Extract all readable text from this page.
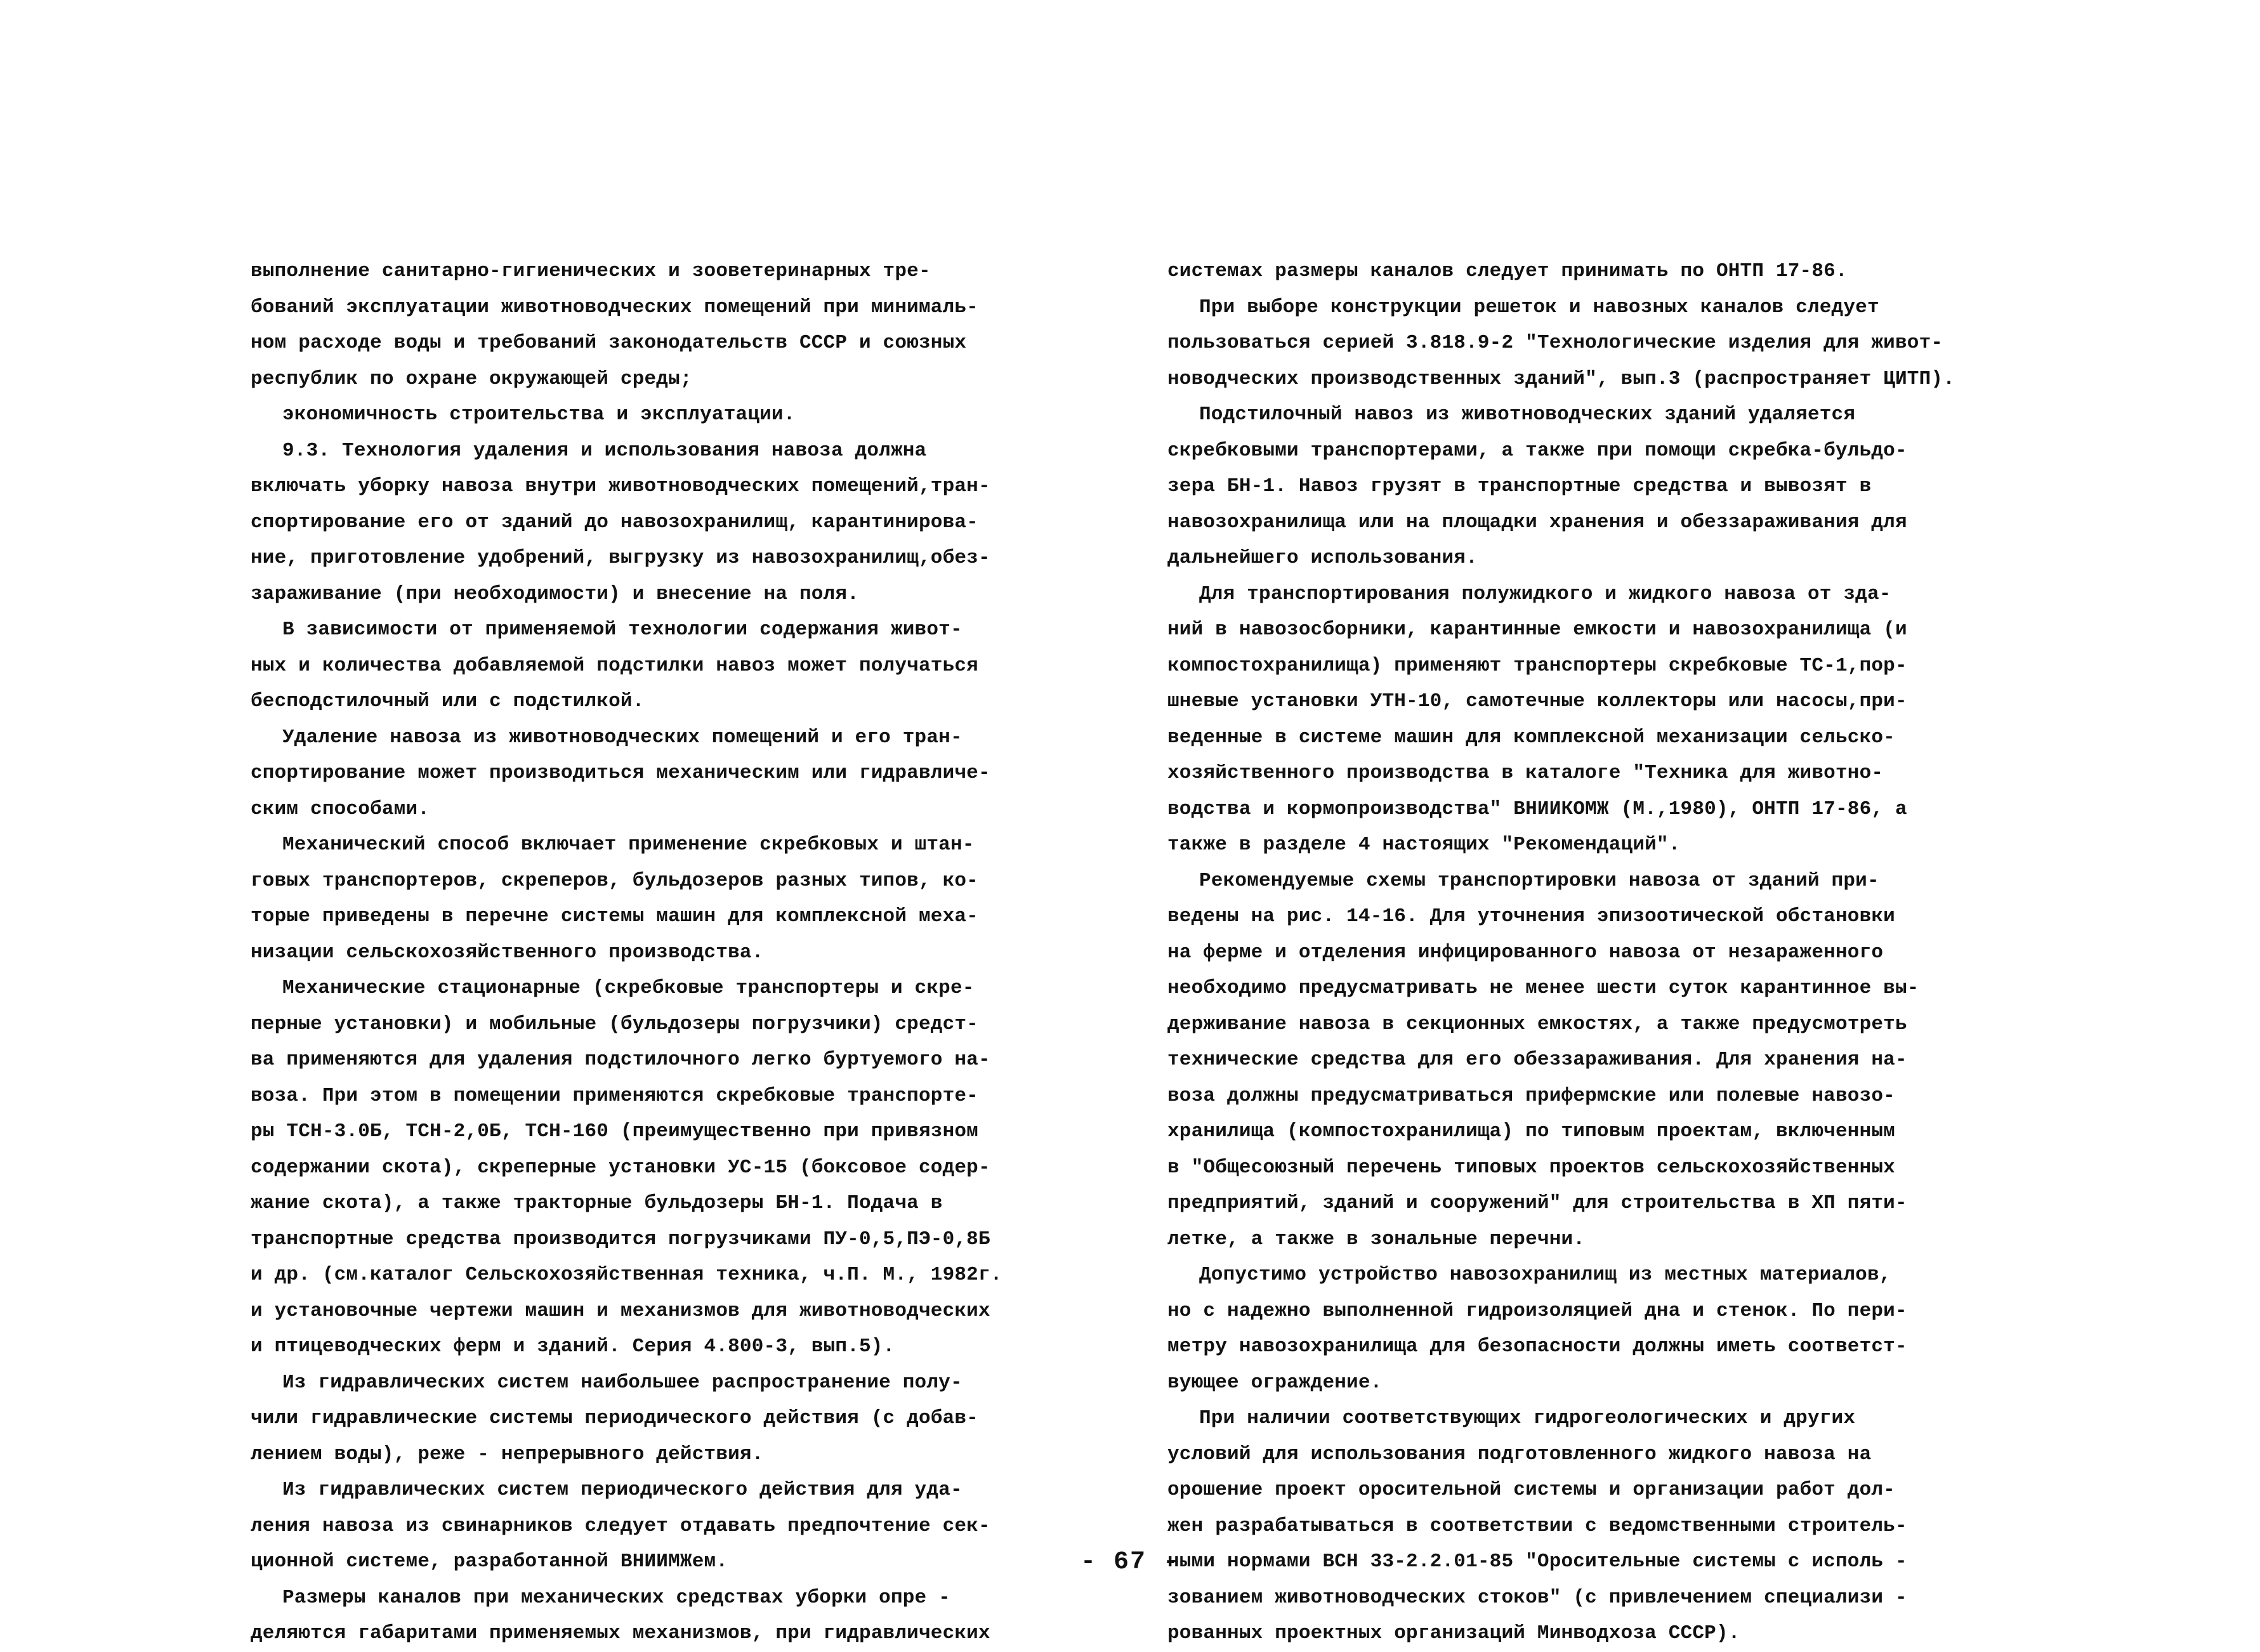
выполнение санитарно-гигиенических и зооветеринарных тре-
бований эксплуатации животноводческих помещений при минималь-
ном расходе воды и требований законодательств СССР и союзных
республик по охране окружающей среды;
экономичность строительства и эксплуатации.
9.3. Технология удаления и использования навоза должна
включать уборку навоза внутри животноводческих помещений,тран-
спортирование его от зданий до навозохранилищ, карантинирова-
ние, приготовление удобрений, выгрузку из навозохранилищ,обез-
зараживание (при необходимости) и внесение на поля.
В зависимости от применяемой технологии содержания живот-
ных и количества добавляемой подстилки навоз может получаться
бесподстилочный или с подстилкой.
Удаление навоза из животноводческих помещений и его тран-
спортирование может производиться механическим или гидравличе-
ским способами.
Механический способ включает применение скребковых и штан-
говых транспортеров, скреперов, бульдозеров разных типов, ко-
торые приведены в перечне системы машин для комплексной меха-
низации сельскохозяйственного производства.
Механические стационарные (скребковые транспортеры и скре-
перные установки) и мобильные (бульдозеры погрузчики) средст-
ва применяются для удаления подстилочного легко буртуемого на-
воза. При этом в помещении применяются скребковые транспорте-
ры ТСН-3.0Б, ТСН-2,0Б, ТСН-160 (преимущественно при привязном
содержании скота), скреперные установки УС-15 (боксовое содер-
жание скота), а также тракторные бульдозеры БН-1. Подача в
транспортные средства производится погрузчиками ПУ-0,5,ПЭ-0,8Б
и др. (см.каталог Сельскохозяйственная техника, ч.П. М., 1982г.
и установочные чертежи машин и механизмов для животноводческих
и птицеводческих ферм и зданий. Серия 4.800-3, вып.5).
Из гидравлических систем наибольшее распространение полу-
чили гидравлические системы периодического действия (с добав-
лением воды), реже - непрерывного действия.
Из гидравлических систем периодического действия для уда-
ления навоза из свинарников следует отдавать предпочтение сек-
ционной системе, разработанной ВНИИМЖем.
Размеры каналов при механических средствах уборки опре -
деляются габаритами применяемых механизмов, при гидравлических
системах размеры каналов следует принимать по ОНТП 17-86.
При выборе конструкции решеток и навозных каналов следует
пользоваться серией 3.818.9-2 "Технологические изделия для живот-
новодческих производственных зданий", вып.3 (распространяет ЦИТП).
Подстилочный навоз из животноводческих зданий удаляется
скребковыми транспортерами, а также при помощи скребка-бульдо-
зера БН-1. Навоз грузят в транспортные средства и вывозят в
навозохранилища или на площадки хранения и обеззараживания для
дальнейшего использования.
Для транспортирования полужидкого и жидкого навоза от зда-
ний в навозосборники, карантинные емкости и навозохранилища (и
компостохранилища) применяют транспортеры скребковые ТС-1,пор-
шневые установки УТН-10, самотечные коллекторы или насосы,при-
веденные в системе машин для комплексной механизации сельско-
хозяйственного производства в каталоге "Техника для животно-
водства и кормопроизводства" ВНИИКОМЖ (М.,1980), ОНТП 17-86, а
также в разделе 4 настоящих "Рекомендаций".
Рекомендуемые схемы транспортировки навоза от зданий при-
ведены на рис. 14-16. Для уточнения эпизоотической обстановки
на ферме и отделения инфицированного навоза от незараженного
необходимо предусматривать не менее шести суток карантинное вы-
держивание навоза в секционных емкостях, а также предусмотреть
технические средства для его обеззараживания. Для хранения на-
воза должны предусматриваться прифермские или полевые навозо-
хранилища (компостохранилища) по типовым проектам, включенным
в "Общесоюзный перечень типовых проектов сельскохозяйственных
предприятий, зданий и сооружений" для строительства в XП пяти-
летке, а также в зональные перечни.
Допустимо устройство навозохранилищ из местных материалов,
но с надежно выполненной гидроизоляцией дна и стенок. По пери-
метру навозохранилища для безопасности должны иметь соответст-
вующее ограждение.
При наличии соответствующих гидрогеологических и других
условий для использования подготовленного жидкого навоза на
орошение проект оросительной системы и организации работ дол-
жен разрабатываться в соответствии с ведомственными строитель-
ными нормами ВСН 33-2.2.01-85 "Оросительные системы с исполь -
зованием животноводческих стоков" (с привлечением специализи -
рованных проектных организаций Минводхоза СССР).
- 67 -
